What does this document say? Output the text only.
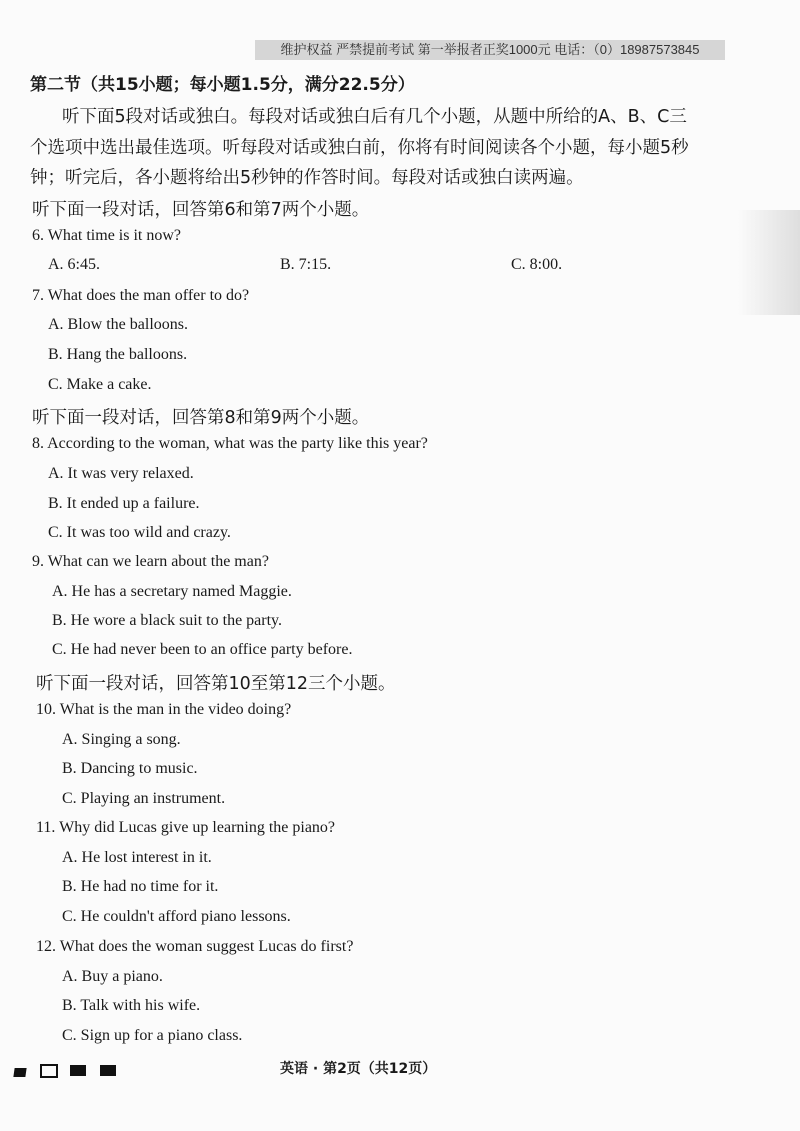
维护权益 严禁提前考试 第一举报者正奖1000元 电话：（0）18987573845
第二节（共15小题；每小题1.5分，满分22.5分）
听下面5段对话或独白。每段对话或独白后有几个小题，从题中所给的A、B、C三
个选项中选出最佳选项。听每段对话或独白前，你将有时间阅读各个小题，每小题5秒
钟；听完后，各小题将给出5秒钟的作答时间。每段对话或独白读两遍。
听下面一段对话，回答第6和第7两个小题。
6. What time is it now?
A. 6:45.	B. 7:15.	C. 8:00.
7. What does the man offer to do?
A. Blow the balloons.
B. Hang the balloons.
C. Make a cake.
听下面一段对话，回答第8和第9两个小题。
8. According to the woman, what was the party like this year?
A. It was very relaxed.
B. It ended up a failure.
C. It was too wild and crazy.
9. What can we learn about the man?
A. He has a secretary named Maggie.
B. He wore a black suit to the party.
C. He had never been to an office party before.
听下面一段对话，回答第10至第12三个小题。
10. What is the man in the video doing?
A. Singing a song.
B. Dancing to music.
C. Playing an instrument.
11. Why did Lucas give up learning the piano?
A. He lost interest in it.
B. He had no time for it.
C. He couldn't afford piano lessons.
12. What does the woman suggest Lucas do first?
A. Buy a piano.
B. Talk with his wife.
C. Sign up for a piano class.
英语 · 第2页（共12页）
